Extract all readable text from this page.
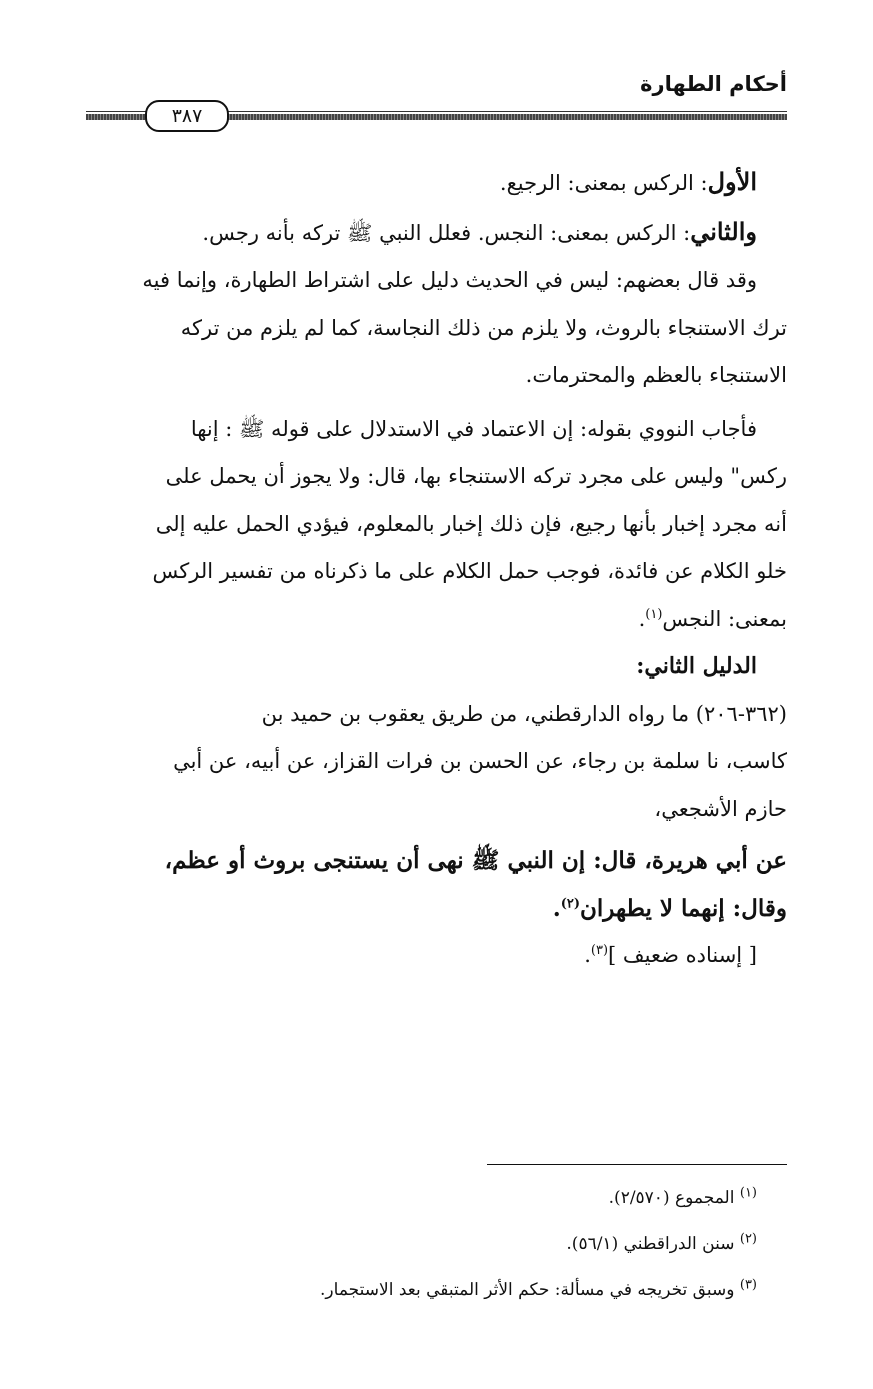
أحكام الطهارة
٣٨٧
الأول: الركس بمعنى: الرجيع.
والثاني: الركس بمعنى: النجس. فعلل النبي ﷺ تركه بأنه رجس.
وقد قال بعضهم: ليس في الحديث دليل على اشتراط الطهارة، وإنما فيه
ترك الاستنجاء بالروث، ولا يلزم من ذلك النجاسة، كما لم يلزم من تركه
الاستنجاء بالعظم والمحترمات.
فأجاب النووي بقوله: إن الاعتماد في الاستدلال على قوله ﷺ : إنها
ركس" وليس على مجرد تركه الاستنجاء بها، قال: ولا يجوز أن يحمل على
أنه مجرد إخبار بأنها رجيع، فإن ذلك إخبار بالمعلوم، فيؤدي الحمل عليه إلى
خلو الكلام عن فائدة، فوجب حمل الكلام على ما ذكرناه من تفسير الركس
بمعنى: النجس$^{(١)}$.
الدليل الثاني:
(٣٦٢-٢٠٦) ما رواه الدارقطني، من طريق يعقوب بن حميد بن
كاسب، نا سلمة بن رجاء، عن الحسن بن فرات القزاز، عن أبيه، عن أبي
حازم الأشجعي،
عن أبي هريرة، قال: إن النبي ﷺ نهى أن يستنجى بروث أو عظم،
وقال: إنهما لا يطهران$^{(٢)}$.
[ إسناده ضعيف ]$^{(٣)}$.
$^{(١)}$ المجموع (٢/٥٧٠).
$^{(٢)}$ سنن الدراقطني (٥٦/١).
$^{(٣)}$ وسبق تخريجه في مسألة: حكم الأثر المتبقي بعد الاستجمار.
